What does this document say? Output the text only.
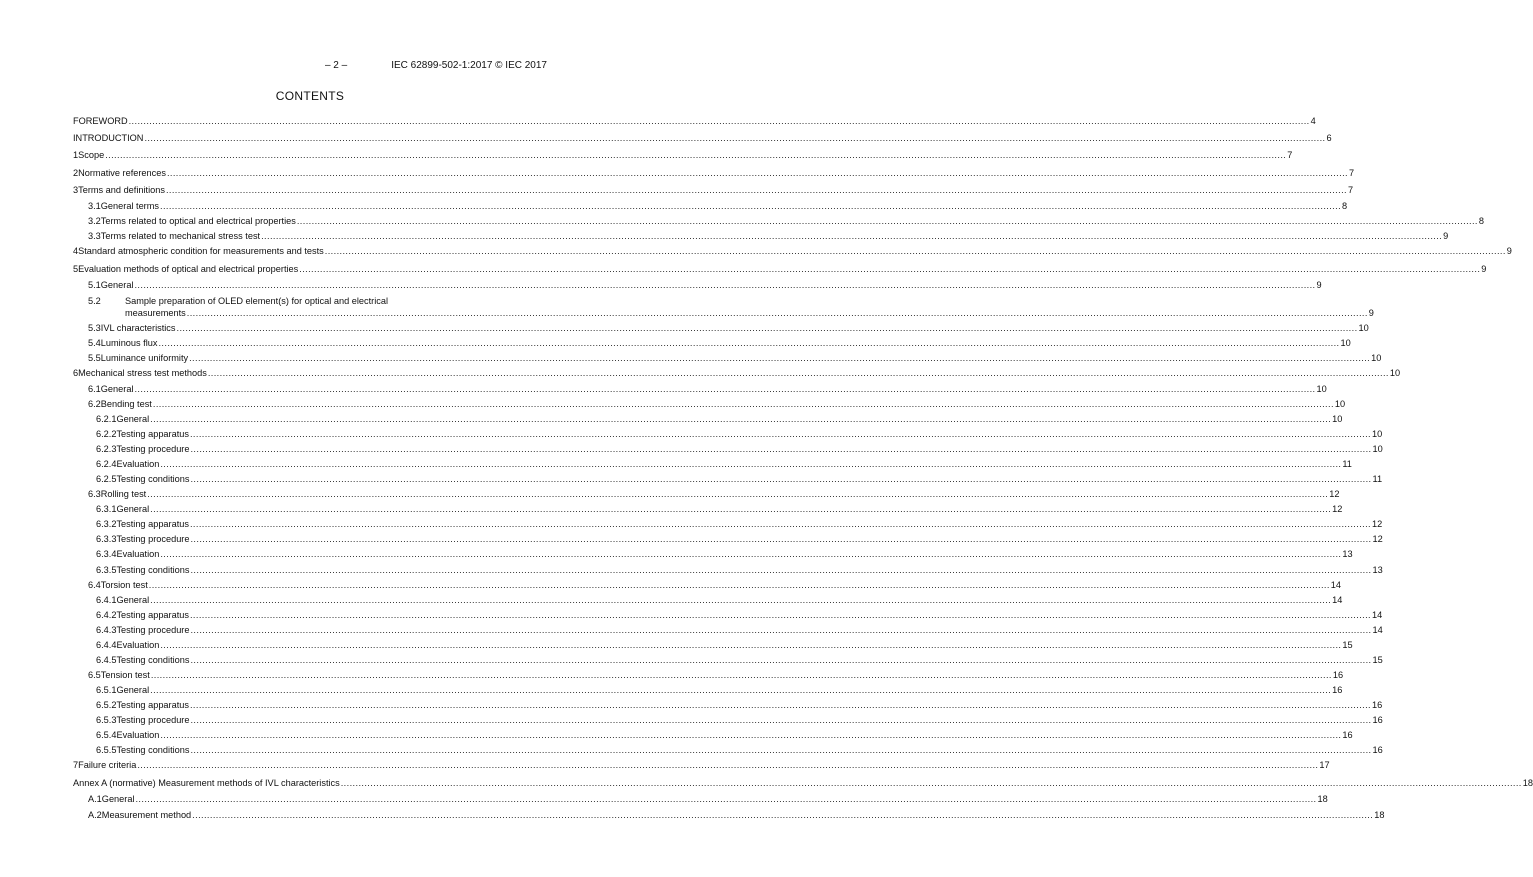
– 2 –	IEC 62899-502-1:2017 © IEC 2017
CONTENTS
FOREWORD ................................................................................................................................................................................................................................................................................................................................................................................................................ 4
INTRODUCTION ................................................................................................................................................................................................................................................................................................................................................................................................................ 6
1 Scope ................................................................................................................................................................................................................................................................................................................................................................................................................ 7
2 Normative references ................................................................................................................................................................................................................................................................................................................................................................................................................ 7
3 Terms and definitions ................................................................................................................................................................................................................................................................................................................................................................................................................ 7
3.1 General terms ................................................................................................................................................................................................................................................................................................................................................................................................................ 8
3.2 Terms related to optical and electrical properties ................................................................................................................................................................................................................................................................................................................................................................................................................ 8
3.3 Terms related to mechanical stress test ................................................................................................................................................................................................................................................................................................................................................................................................................ 9
4 Standard atmospheric condition for measurements and tests ................................................................................................................................................................................................................................................................................................................................................................................................................ 9
5 Evaluation methods of optical and electrical properties ................................................................................................................................................................................................................................................................................................................................................................................................................ 9
5.1 General ................................................................................................................................................................................................................................................................................................................................................................................................................ 9
5.2	Sample preparation of OLED element(s) for optical and electrical
measurements ................................................................................................................................................................................................................................................................................................................................................................................................................ 9
5.3 IVL characteristics ................................................................................................................................................................................................................................................................................................................................................................................................................ 10
5.4 Luminous flux ................................................................................................................................................................................................................................................................................................................................................................................................................ 10
5.5 Luminance uniformity ................................................................................................................................................................................................................................................................................................................................................................................................................ 10
6 Mechanical stress test methods ................................................................................................................................................................................................................................................................................................................................................................................................................ 10
6.1 General ................................................................................................................................................................................................................................................................................................................................................................................................................ 10
6.2 Bending test ................................................................................................................................................................................................................................................................................................................................................................................................................ 10
6.2.1 General ................................................................................................................................................................................................................................................................................................................................................................................................................ 10
6.2.2 Testing apparatus ................................................................................................................................................................................................................................................................................................................................................................................................................ 10
6.2.3 Testing procedure ................................................................................................................................................................................................................................................................................................................................................................................................................ 10
6.2.4 Evaluation ................................................................................................................................................................................................................................................................................................................................................................................................................ 11
6.2.5 Testing conditions ................................................................................................................................................................................................................................................................................................................................................................................................................ 11
6.3 Rolling test ................................................................................................................................................................................................................................................................................................................................................................................................................ 12
6.3.1 General ................................................................................................................................................................................................................................................................................................................................................................................................................ 12
6.3.2 Testing apparatus ................................................................................................................................................................................................................................................................................................................................................................................................................ 12
6.3.3 Testing procedure ................................................................................................................................................................................................................................................................................................................................................................................................................ 12
6.3.4 Evaluation ................................................................................................................................................................................................................................................................................................................................................................................................................ 13
6.3.5 Testing conditions ................................................................................................................................................................................................................................................................................................................................................................................................................ 13
6.4 Torsion test ................................................................................................................................................................................................................................................................................................................................................................................................................ 14
6.4.1 General ................................................................................................................................................................................................................................................................................................................................................................................................................ 14
6.4.2 Testing apparatus ................................................................................................................................................................................................................................................................................................................................................................................................................ 14
6.4.3 Testing procedure ................................................................................................................................................................................................................................................................................................................................................................................................................ 14
6.4.4 Evaluation ................................................................................................................................................................................................................................................................................................................................................................................................................ 15
6.4.5 Testing conditions ................................................................................................................................................................................................................................................................................................................................................................................................................ 15
6.5 Tension test ................................................................................................................................................................................................................................................................................................................................................................................................................ 16
6.5.1 General ................................................................................................................................................................................................................................................................................................................................................................................................................ 16
6.5.2 Testing apparatus ................................................................................................................................................................................................................................................................................................................................................................................................................ 16
6.5.3 Testing procedure ................................................................................................................................................................................................................................................................................................................................................................................................................ 16
6.5.4 Evaluation ................................................................................................................................................................................................................................................................................................................................................................................................................ 16
6.5.5 Testing conditions ................................................................................................................................................................................................................................................................................................................................................................................................................ 16
7 Failure criteria ................................................................................................................................................................................................................................................................................................................................................................................................................ 17
Annex A (normative) Measurement methods of IVL characteristics ................................................................................................................................................................................................................................................................................................................................................................................................................ 18
A.1 General ................................................................................................................................................................................................................................................................................................................................................................................................................ 18
A.2 Measurement method ................................................................................................................................................................................................................................................................................................................................................................................................................ 18
